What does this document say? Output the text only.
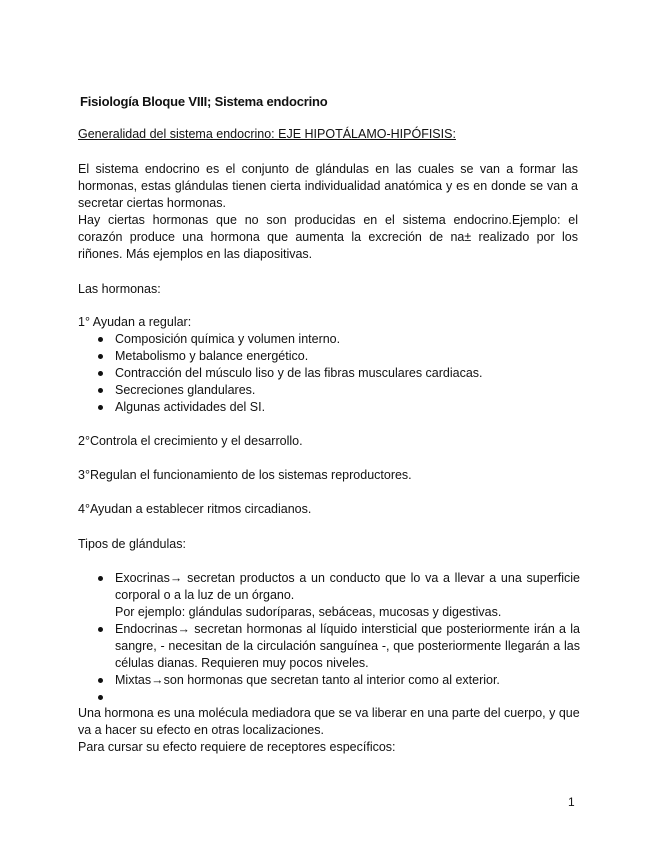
Fisiología Bloque VIII; Sistema endocrino
Generalidad del sistema endocrino: EJE HIPOTÁLAMO-HIPÓFISIS:
El sistema endocrino es el conjunto de glándulas en las cuales se van a formar las hormonas, estas glándulas tienen cierta individualidad anatómica y es en donde se van a secretar ciertas hormonas.
Hay ciertas hormonas que no son producidas en el sistema endocrino.Ejemplo: el corazón produce una hormona que aumenta la excreción de na± realizado por los riñones. Más ejemplos en las diapositivas.
Las hormonas:
1° Ayudan a regular:
Composición química y volumen interno.
Metabolismo y balance energético.
Contracción del músculo liso y de las fibras musculares cardiacas.
Secreciones glandulares.
Algunas actividades del SI.
2°Controla el crecimiento y el desarrollo.
3°Regulan el funcionamiento de los sistemas reproductores.
4°Ayudan a establecer ritmos circadianos.
Tipos de glándulas:
Exocrinas→ secretan productos a un conducto que lo va a llevar a una superficie corporal o a la luz de un órgano.
Por ejemplo: glándulas sudoríparas, sebáceas, mucosas y digestivas.
Endocrinas→ secretan hormonas al líquido intersticial que posteriormente irán a la sangre, - necesitan de la circulación sanguínea -, que posteriormente llegarán a las células dianas. Requieren muy pocos niveles.
Mixtas→son hormonas que secretan tanto al interior como al exterior.
Una hormona es una molécula mediadora que se va liberar en una parte del cuerpo, y que va a hacer su efecto en otras localizaciones.
Para cursar su efecto requiere de receptores específicos:
1
